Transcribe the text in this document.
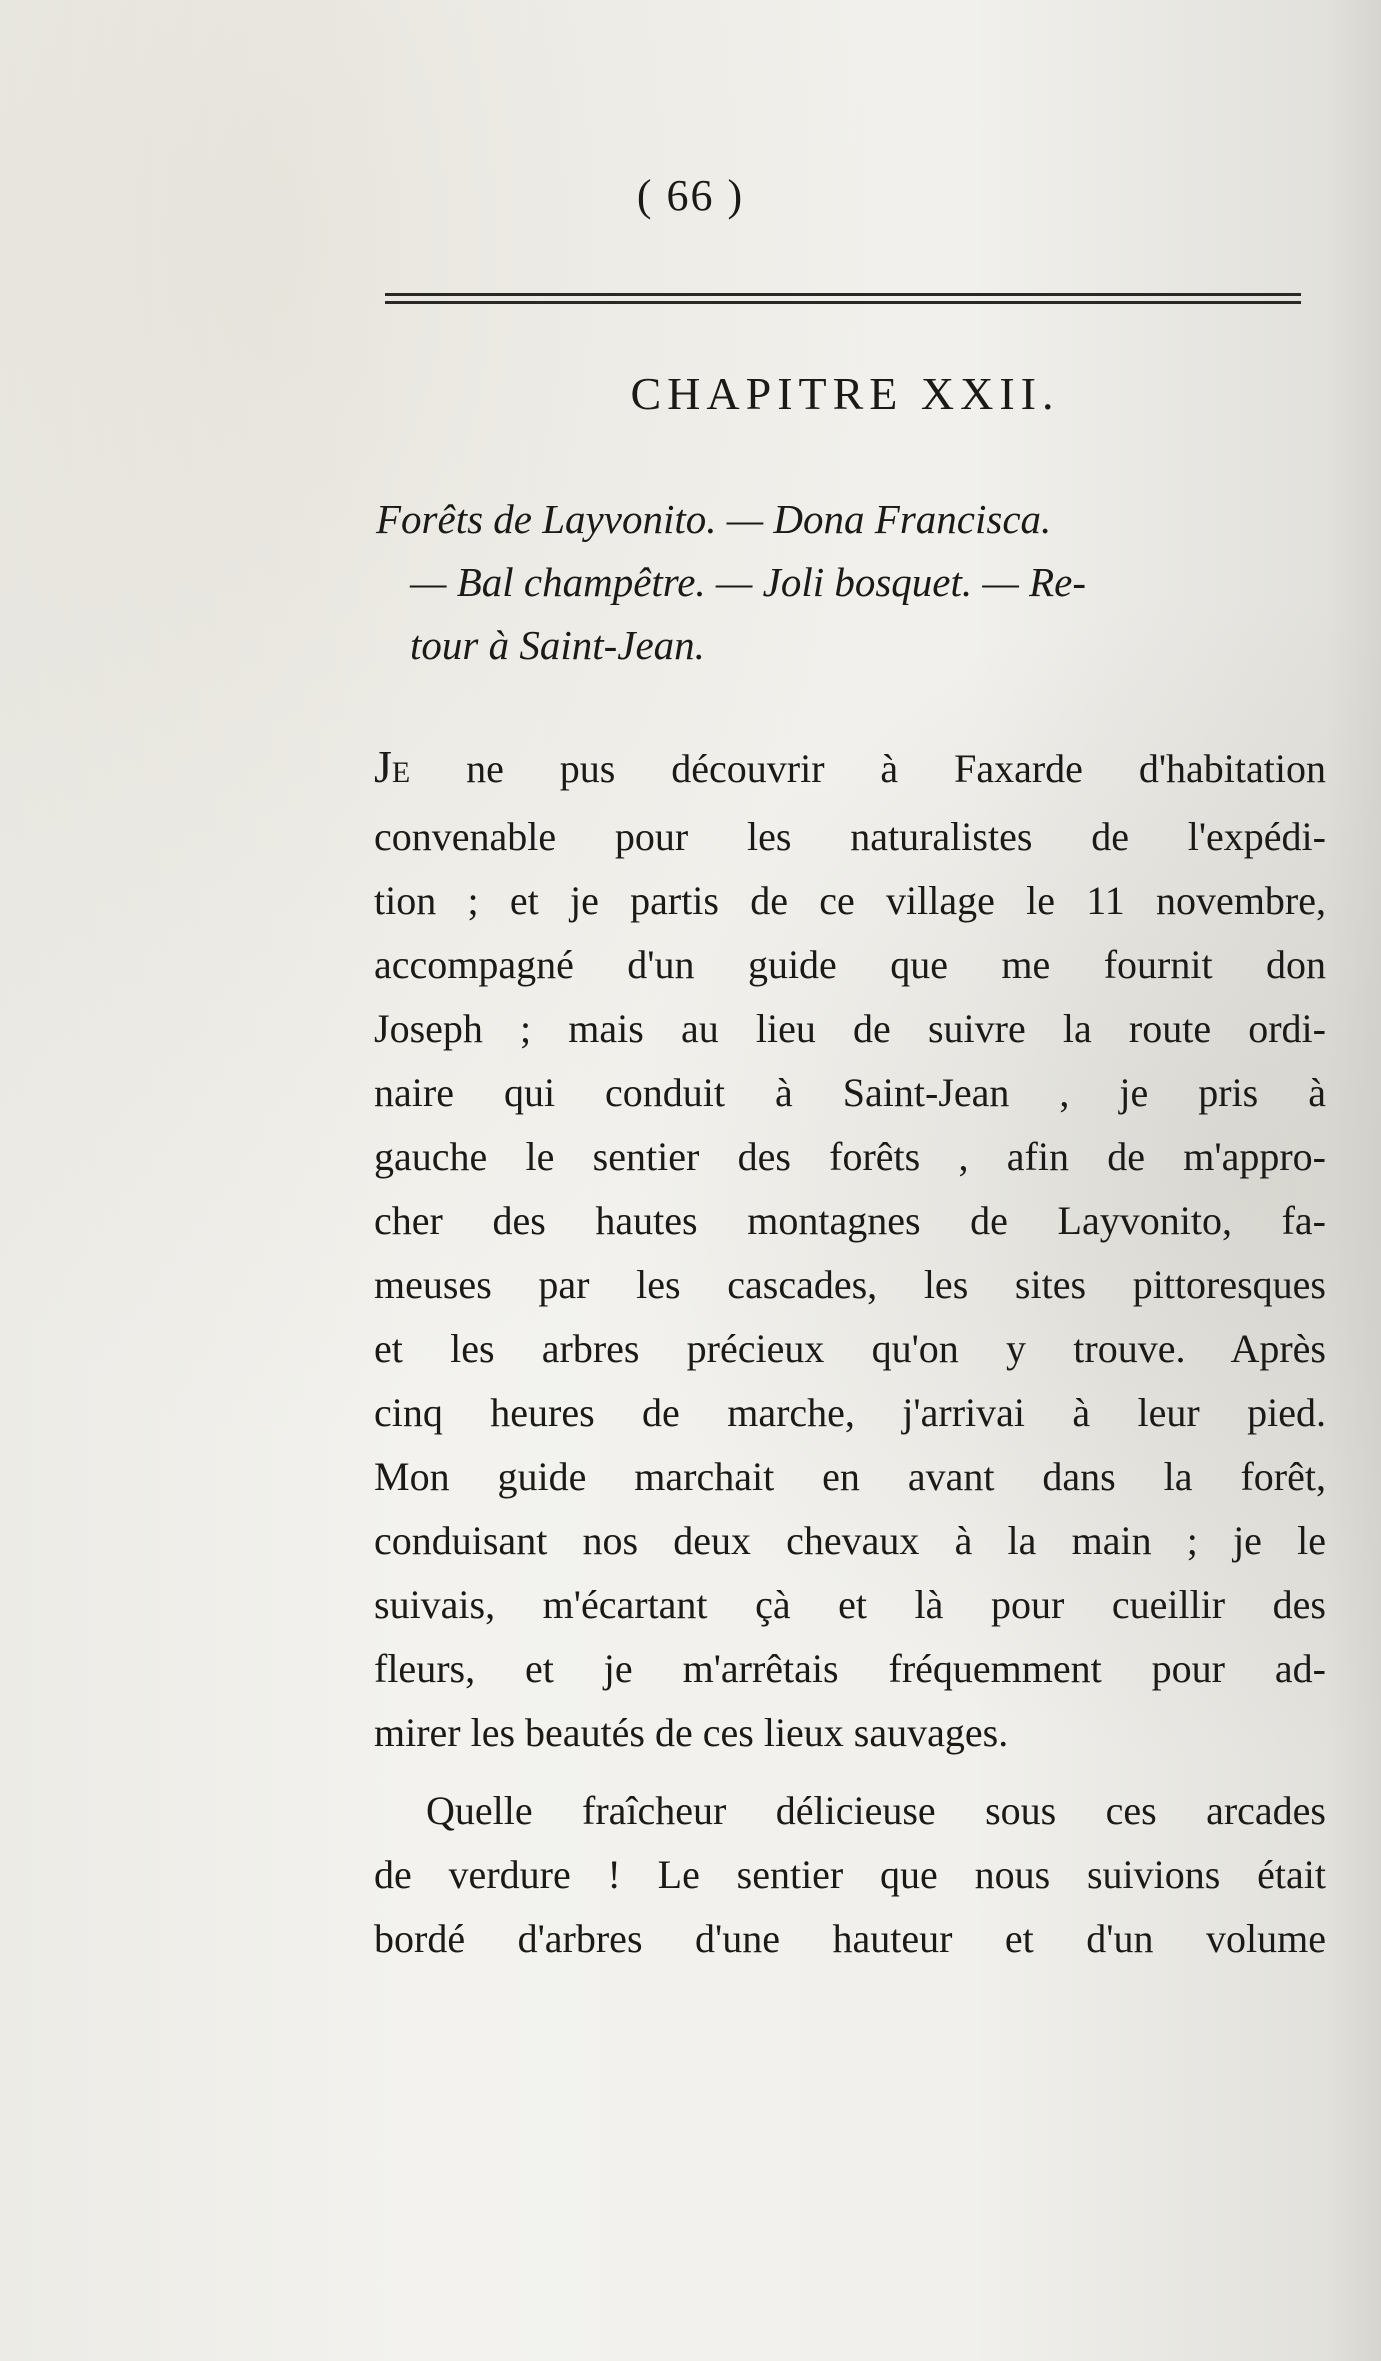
( 66 )
CHAPITRE XXII.
Forêts de Layvonito. — Dona Francisca.
— Bal champêtre. — Joli bosquet. — Re-
tour à Saint-Jean.
JE ne pus découvrir à Faxarde d'habitation
convenable pour les naturalistes de l'expédi-
tion ; et je partis de ce village le 11 novembre,
accompagné d'un guide que me fournit don
Joseph ; mais au lieu de suivre la route ordi-
naire qui conduit à Saint-Jean , je pris à
gauche le sentier des forêts , afin de m'appro-
cher des hautes montagnes de Layvonito, fa-
meuses par les cascades, les sites pittoresques
et les arbres précieux qu'on y trouve. Après
cinq heures de marche, j'arrivai à leur pied.
Mon guide marchait en avant dans la forêt,
conduisant nos deux chevaux à la main ; je le
suivais, m'écartant çà et là pour cueillir des
fleurs, et je m'arrêtais fréquemment pour ad-
mirer les beautés de ces lieux sauvages.
Quelle fraîcheur délicieuse sous ces arcades
de verdure ! Le sentier que nous suivions était
bordé d'arbres d'une hauteur et d'un volume
